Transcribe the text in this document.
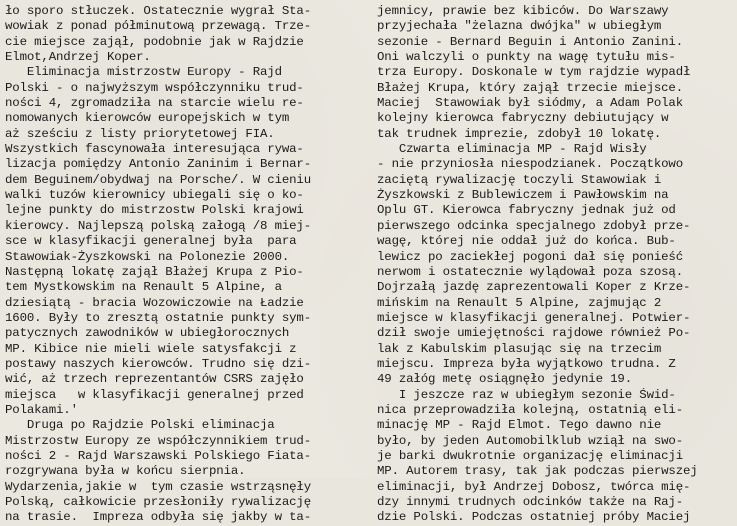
ło sporo stłuczek. Ostatecznie wygrał Sta-
wowiak z ponad półminutową przewagą. Trze-
cie miejsce zajął, podobnie jak w Rajdzie
Elmot,Andrzej Koper.
Eliminacja mistrzostw Europy - Rajd
Polski - o najwyższym współczynniku trud-
ności 4, zgromadziła na starcie wielu re-
nomowanych kierowców europejskich w tym
aż sześciu z listy priorytetowej FIA.
Wszystkich fascynowała interesująca rywa-
lizacja pomiędzy Antonio Zaninim i Bernar-
dem Beguinem/obydwaj na Porsche/. W cieniu
walki tuzów kierownicy ubiegali się o ko-
lejne punkty do mistrzostw Polski krajowi
kierowcy. Najlepszą polską załogą /8 miej-
sce w klasyfikacji generalnej była  para
Stawowiak-Żyszkowski na Polonezie 2000.
Następną lokatę zajął Błażej Krupa z Pio-
tem Mystkowskim na Renault 5 Alpine, a
dziesiątą - bracia Wozowiczowie na Ładzie
1600. Były to zresztą ostatnie punkty sym-
patycznych zawodników w ubiegłorocznych
MP. Kibice nie mieli wiele satysfakcji z
postawy naszych kierowców. Trudno się dzi-
wić, aż trzech reprezentantów CSRS zajęło
miejsca   w klasyfikacji generalnej przed
Polakami.'
Druga po Rajdzie Polski eliminacja
Mistrzostw Europy ze współczynnikiem trud-
ności 2 - Rajd Warszawski Polskiego Fiata-
rozgrywana była w końcu sierpnia.
Wydarzenia,jakie w  tym czasie wstrząsnęły
Polską, całkowicie przesłoniły rywalizację
na trasie.  Impreza odbyła się jakby w ta-
jemnicy, prawie bez kibiców. Do Warszawy
przyjechała "żelazna dwójka" w ubiegłym
sezonie - Bernard Beguin i Antonio Zanini.
Oni walczyli o punkty na wagę tytułu mis-
trza Europy. Doskonale w tym rajdzie wypadł
Błażej Krupa, który zajął trzecie miejsce.
Maciej  Stawowiak był siódmy, a Adam Polak
kolejny kierowca fabryczny debiutujący w
tak trudnek imprezie, zdobył 10 lokatę.
Czwarta eliminacja MP - Rajd Wisły
- nie przyniosła niespodzianek. Początkowo
zaciętą rywalizację toczyli Stawowiak i
Żyszkowski z Bublewiczem i Pawłowskim na
Oplu GT. Kierowca fabryczny jednak już od
pierwszego odcinka specjalnego zdobył prze-
wagę, której nie oddał już do końca. Bub-
lewicz po zaciekłej pogoni dał się ponieść
nerwom i ostatecznie wylądował poza szosą.
Dojrzałą jazdę zaprezentowali Koper z Krze-
mińskim na Renault 5 Alpine, zajmując 2
miejsce w klasyfikacji generalnej. Potwier-
dził swoje umiejętności rajdowe również Po-
lak z Kabulskim plasując się na trzecim
miejscu. Impreza była wyjątkowo trudna. Z
49 załóg metę osiągnęło jedynie 19.
I jeszcze raz w ubiegłym sezonie Świd-
nica przeprowadziła kolejną, ostatnią eli-
minację MP - Rajd Elmot. Tego dawno nie
było, by jeden Automobilklub wziął na swo-
je barki dwukrotnie organizację eliminacji
MP. Autorem trasy, tak jak podczas pierwszej
eliminacji, był Andrzej Dobosz, twórca mię-
dzy innymi trudnych odcinków także na Raj-
dzie Polski. Podczas ostatniej próby Maciej
